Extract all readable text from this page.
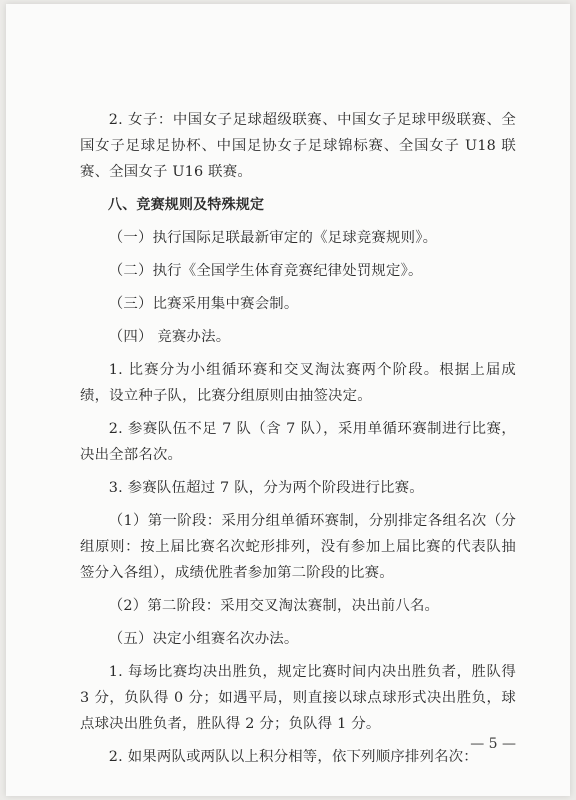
2. 女子：中国女子足球超级联赛、中国女子足球甲级联赛、全国女子足球足协杯、中国足协女子足球锦标赛、全国女子 U18 联赛、全国女子 U16 联赛。

八、竞赛规则及特殊规定

（一）执行国际足联最新审定的《足球竞赛规则》。

（二）执行《全国学生体育竞赛纪律处罚规定》。

（三）比赛采用集中赛会制。

（四） 竞赛办法。

1. 比赛分为小组循环赛和交叉淘汰赛两个阶段。根据上届成绩，设立种子队，比赛分组原则由抽签决定。

2. 参赛队伍不足 7 队（含 7 队），采用单循环赛制进行比赛，决出全部名次。

3. 参赛队伍超过 7 队，分为两个阶段进行比赛。

（1）第一阶段：采用分组单循环赛制，分别排定各组名次（分组原则：按上届比赛名次蛇形排列，没有参加上届比赛的代表队抽签分入各组），成绩优胜者参加第二阶段的比赛。

（2）第二阶段：采用交叉淘汰赛制，决出前八名。

（五）决定小组赛名次办法。

1. 每场比赛均决出胜负，规定比赛时间内决出胜负者，胜队得 3 分，负队得 0 分；如遇平局，则直接以球点球形式决出胜负，球点球决出胜负者，胜队得 2 分；负队得 1 分。

2. 如果两队或两队以上积分相等，依下列顺序排列名次：

— 5 —
